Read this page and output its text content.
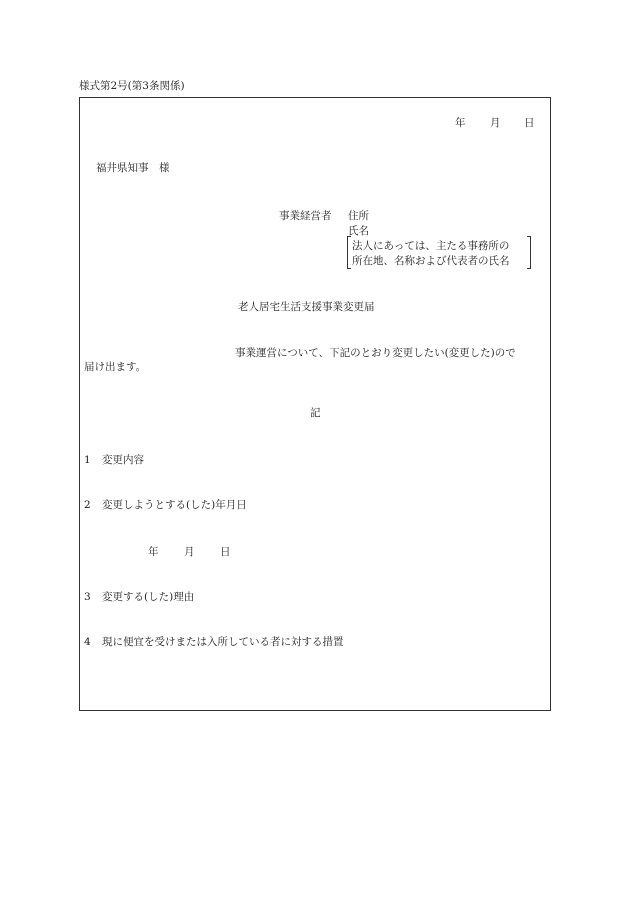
様式第2号(第3条関係)
年 月 日
福井県知事　様
事業経営者 住所
氏名
法人にあっては、主たる事務所の
所在地、名称および代表者の氏名
老人居宅生活支援事業変更届
事業運営について、下記のとおり変更したい(変更した)ので
届け出ます。
記
1 変更内容
2 変更しようとする(した)年月日
年 月 日
3 変更する(した)理由
4 現に便宜を受けまたは入所している者に対する措置
